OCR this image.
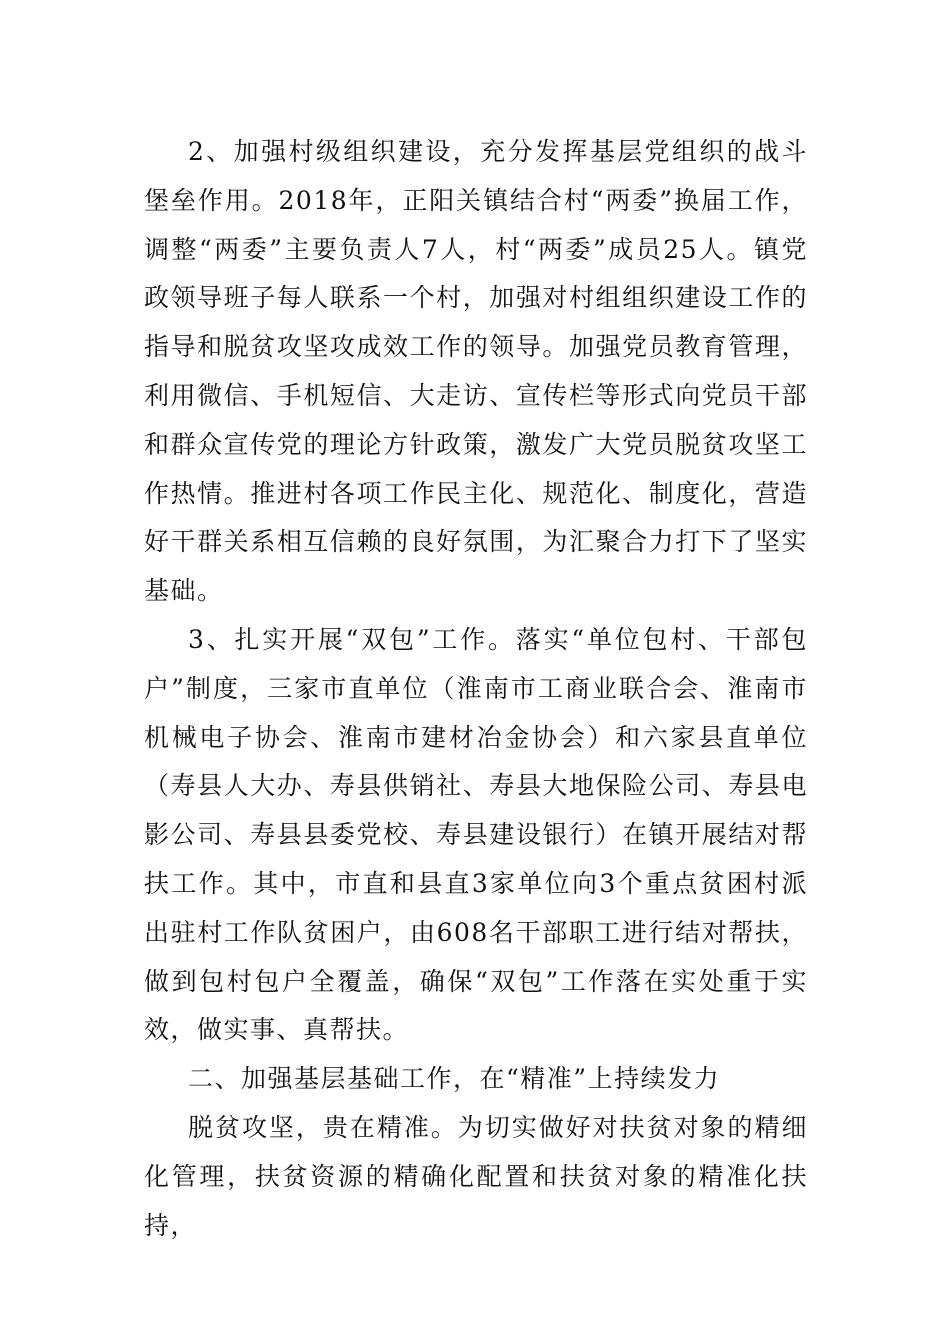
2、加强村级组织建设，充分发挥基层党组织的战斗堡垒作用。2018年，正阳关镇结合村“两委”换届工作，调整“两委”主要负责人7人，村“两委”成员25人。镇党政领导班子每人联系一个村，加强对村组组织建设工作的指导和脱贫攻坚攻成效工作的领导。加强党员教育管理，利用微信、手机短信、大走访、宣传栏等形式向党员干部和群众宣传党的理论方针政策，激发广大党员脱贫攻坚工作热情。推进村各项工作民主化、规范化、制度化，营造好干群关系相互信赖的良好氛围，为汇聚合力打下了坚实基础。

3、扎实开展“双包”工作。落实“单位包村、干部包户”制度，三家市直单位（淮南市工商业联合会、淮南市机械电子协会、淮南市建材冶金协会）和六家县直单位（寿县人大办、寿县供销社、寿县大地保险公司、寿县电影公司、寿县县委党校、寿县建设银行）在镇开展结对帮扶工作。其中，市直和县直3家单位向3个重点贫困村派出驻村工作队贫困户，由608名干部职工进行结对帮扶，做到包村包户全覆盖，确保“双包”工作落在实处重于实效，做实事、真帮扶。

二、加强基层基础工作，在“精准”上持续发力

脱贫攻坚，贵在精准。为切实做好对扶贫对象的精细化管理，扶贫资源的精确化配置和扶贫对象的精准化扶持，
